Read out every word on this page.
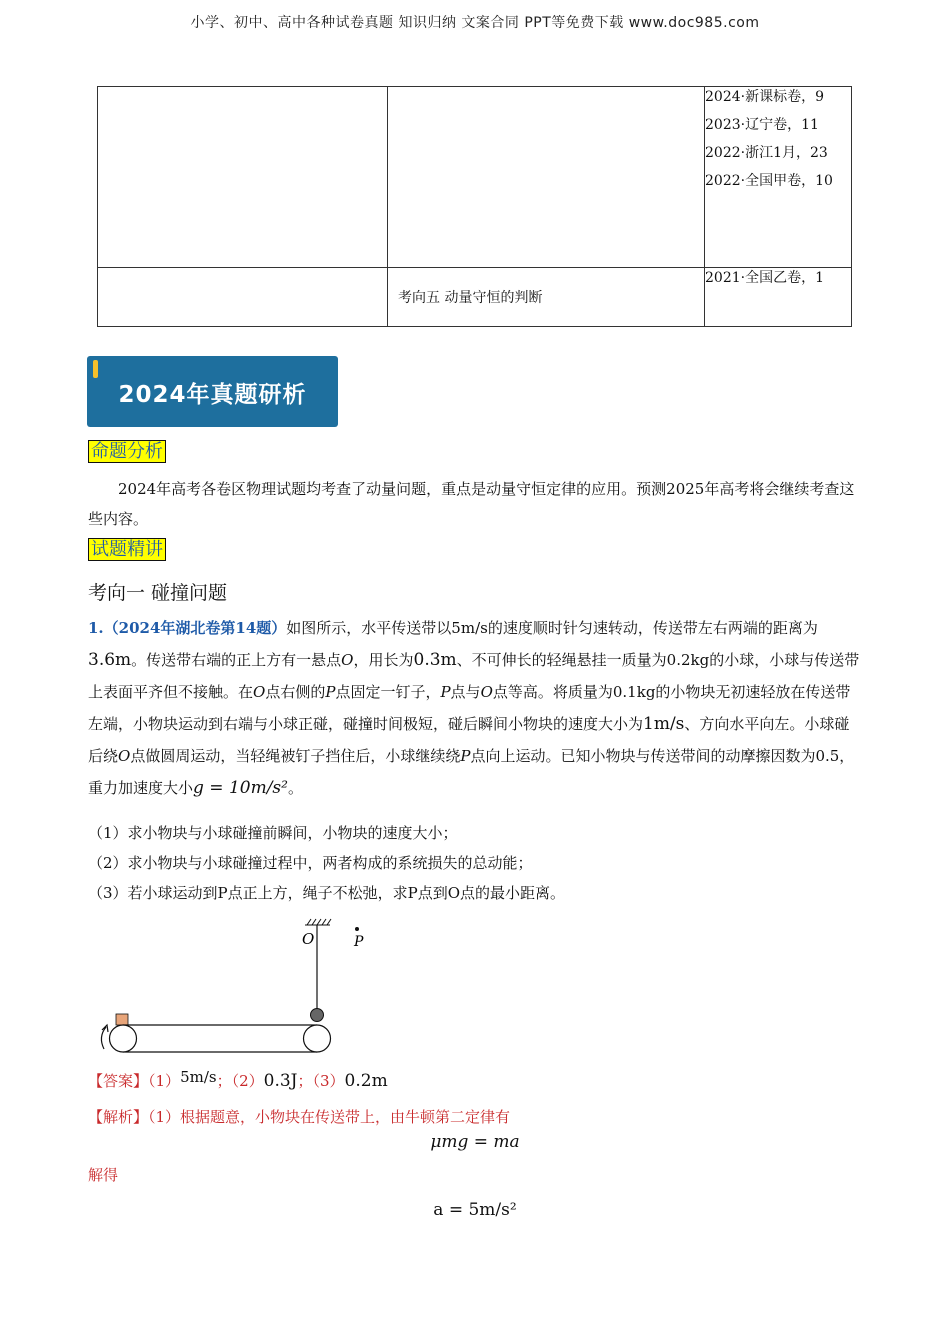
小学、初中、高中各种试卷真题 知识归纳 文案合同 PPT等免费下载 www.doc985.com

		2024·新课标卷，9
2023·辽宁卷，11
2022·浙江1月，23
2022·全国甲卷，10

	考向五 动量守恒的判断	2021·全国乙卷，1
2024年真题研析
命题分析
2024年高考各卷区物理试题均考查了动量问题，重点是动量守恒定律的应用。预测2025年高考将会继续考查这些内容。
试题精讲
考向一 碰撞问题
1.（2024年湖北卷第14题）如图所示，水平传送带以5m/s的速度顺时针匀速转动，传送带左右两端的距离为3.6m。传送带右端的正上方有一悬点O，用长为0.3m、不可伸长的轻绳悬挂一质量为0.2kg的小球，小球与传送带上表面平齐但不接触。在O点右侧的P点固定一钉子，P点与O点等高。将质量为0.1kg的小物块无初速轻放在传送带左端，小物块运动到右端与小球正碰，碰撞时间极短，碰后瞬间小物块的速度大小为1m/s、方向水平向左。小球碰后绕O点做圆周运动，当轻绳被钉子挡住后，小球继续绕P点向上运动。已知小物块与传送带间的动摩擦因数为0.5，重力加速度大小g = 10m/s²。
（1）求小物块与小球碰撞前瞬间，小物块的速度大小；
（2）求小物块与小球碰撞过程中，两者构成的系统损失的总动能；
（3）若小球运动到P点正上方，绳子不松弛，求P点到O点的最小距离。
O	P
【答案】（1）5m/s；（2）0.3J；（3）0.2m
【解析】（1）根据题意，小物块在传送带上，由牛顿第二定律有
μmg = ma
解得
a = 5m/s²
